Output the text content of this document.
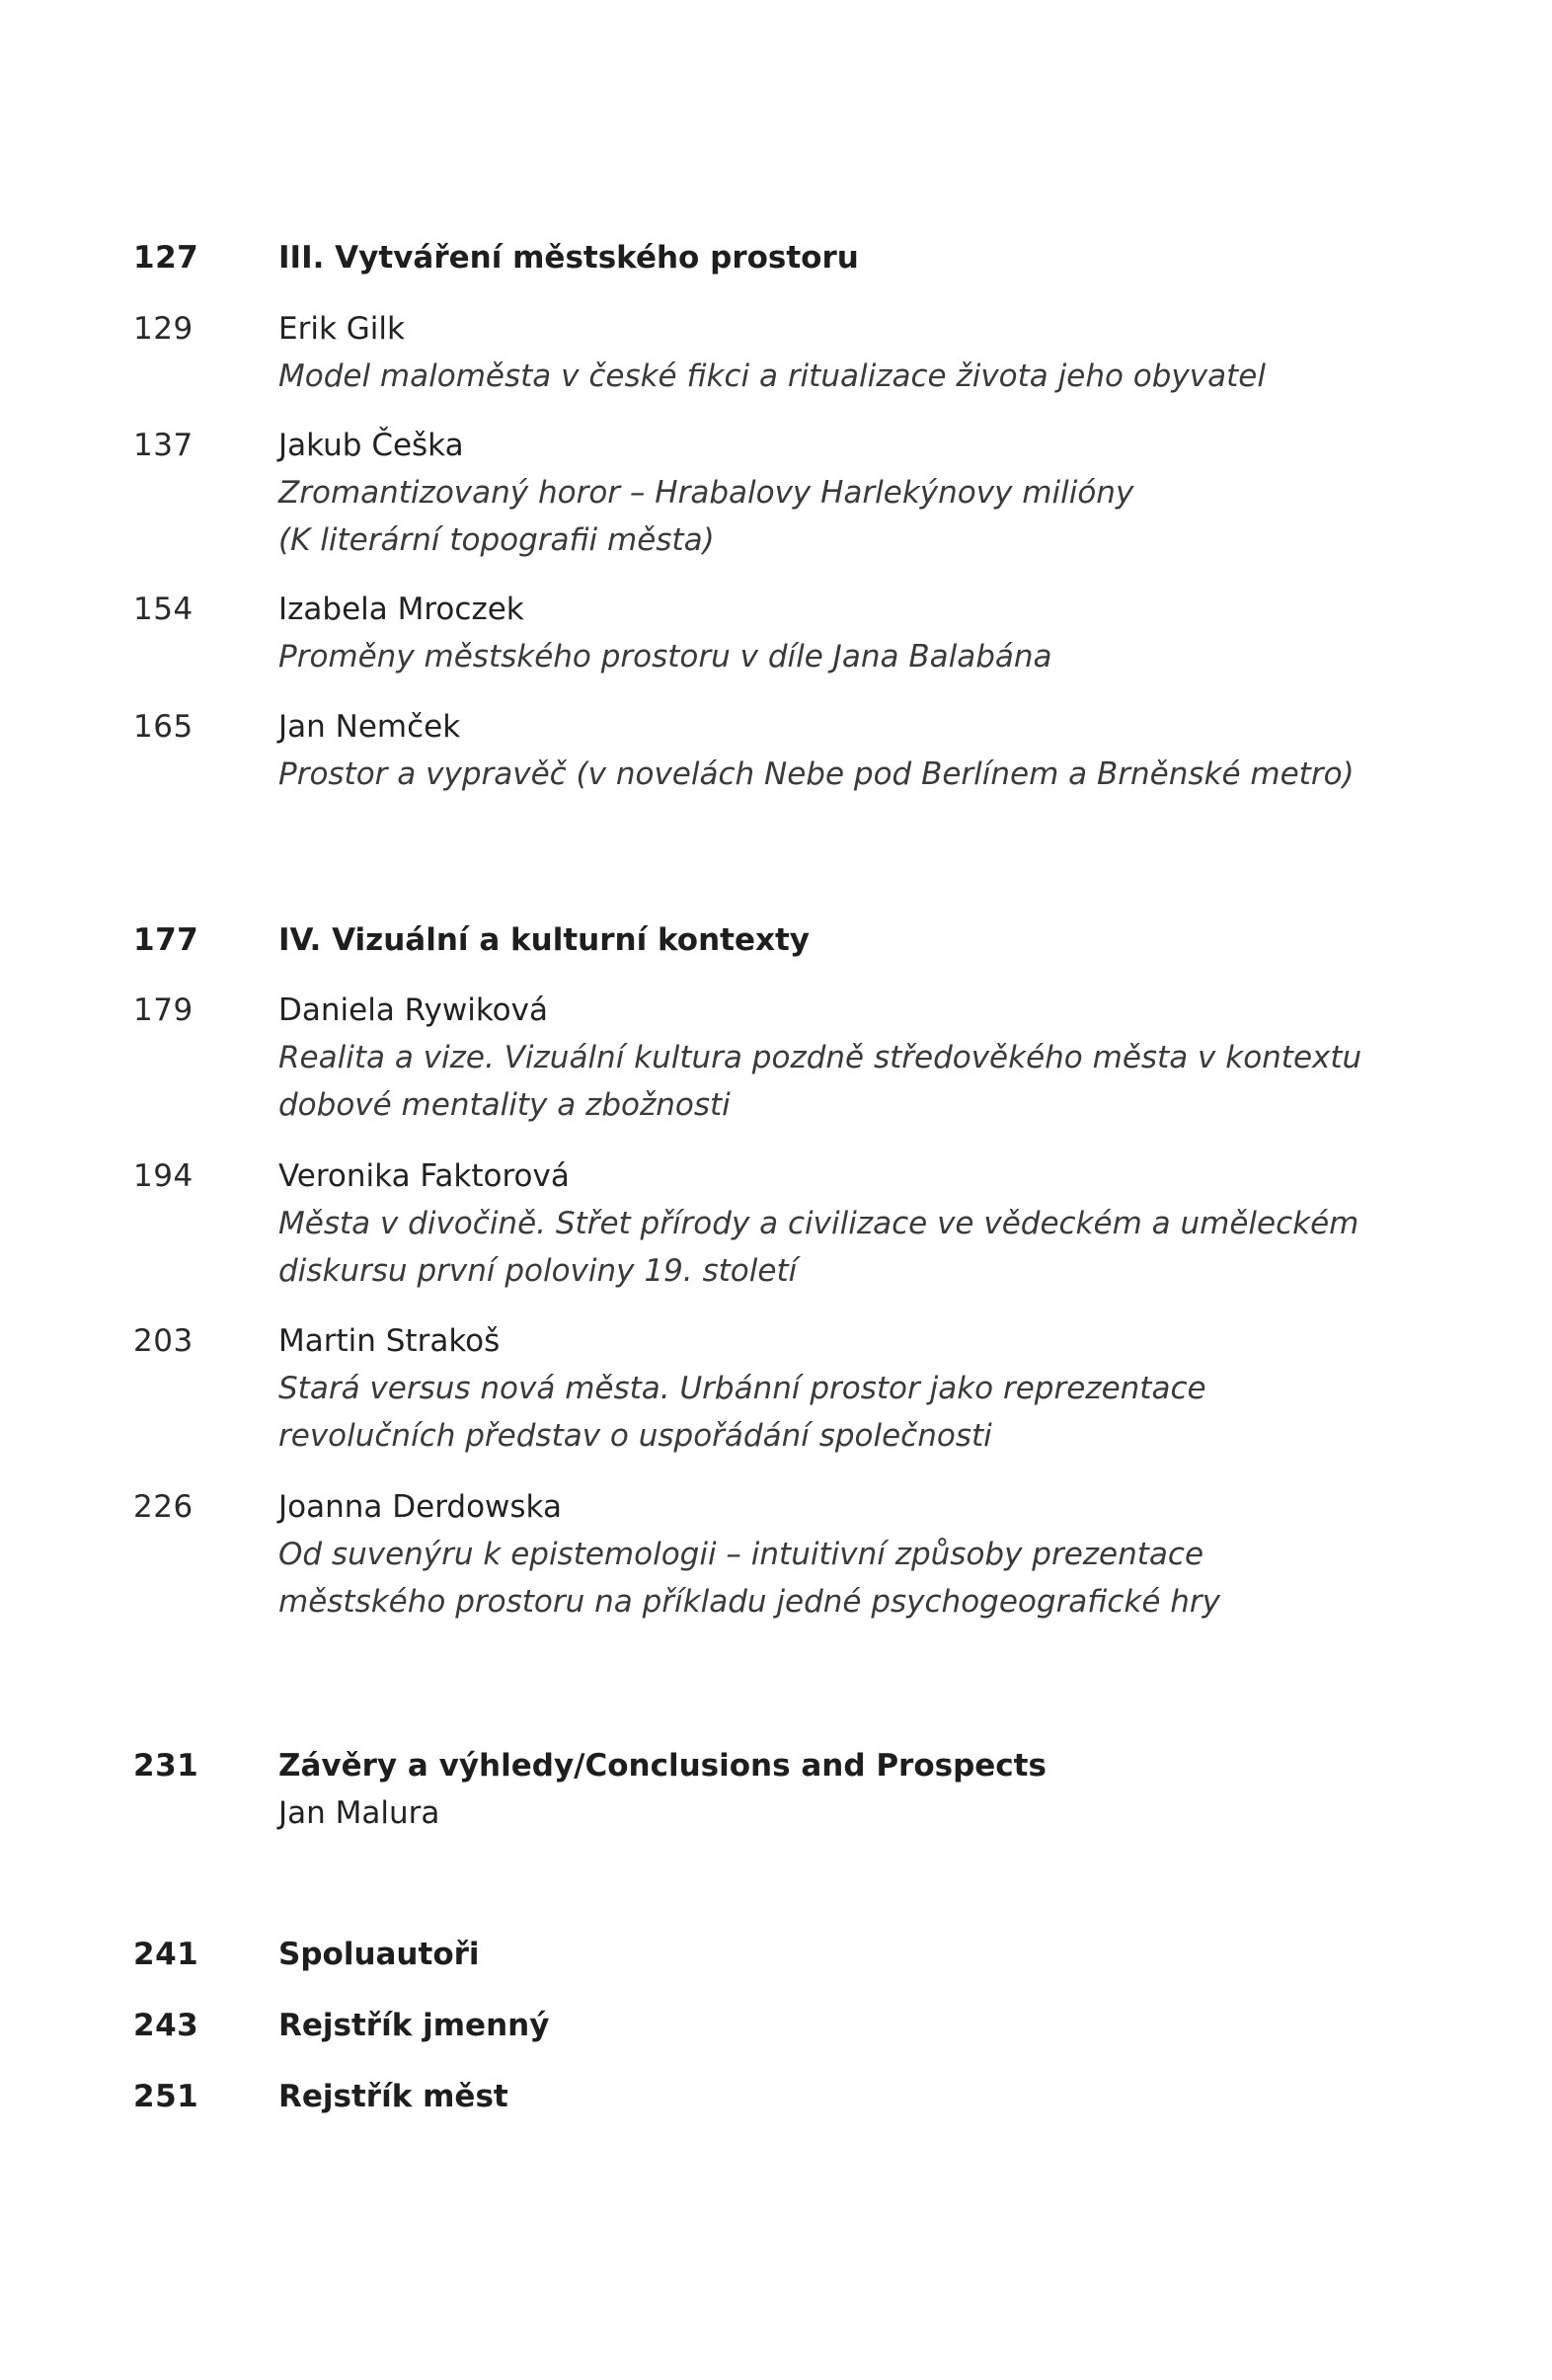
127	III. Vytváření městského prostoru
129	Erik Gilk
Model maloměsta v české fikci a ritualizace života jeho obyvatel
137	Jakub Češka
Zromantizovaný horor – Hrabalovy Harlekýnovy milióny
(K literární topografii města)
154	Izabela Mroczek
Proměny městského prostoru v díle Jana Balabána
165	Jan Nemček
Prostor a vypravěč (v novelách Nebe pod Berlínem a Brněnské metro)
177	IV. Vizuální a kulturní kontexty
179	Daniela Rywiková
Realita a vize. Vizuální kultura pozdně středověkého města v kontextu
dobové mentality a zbožnosti
194	Veronika Faktorová
Města v divočině. Střet přírody a civilizace ve vědeckém a uměleckém
diskursu první poloviny 19. století
203	Martin Strakoš
Stará versus nová města. Urbánní prostor jako reprezentace
revolučních představ o uspořádání společnosti
226	Joanna Derdowska
Od suvenýru k epistemologii – intuitivní způsoby prezentace
městského prostoru na příkladu jedné psychogeografické hry
231	Závěry a výhledy/Conclusions and Prospects
Jan Malura
241	Spoluautoři
243	Rejstřík jmenný
251	Rejstřík měst
